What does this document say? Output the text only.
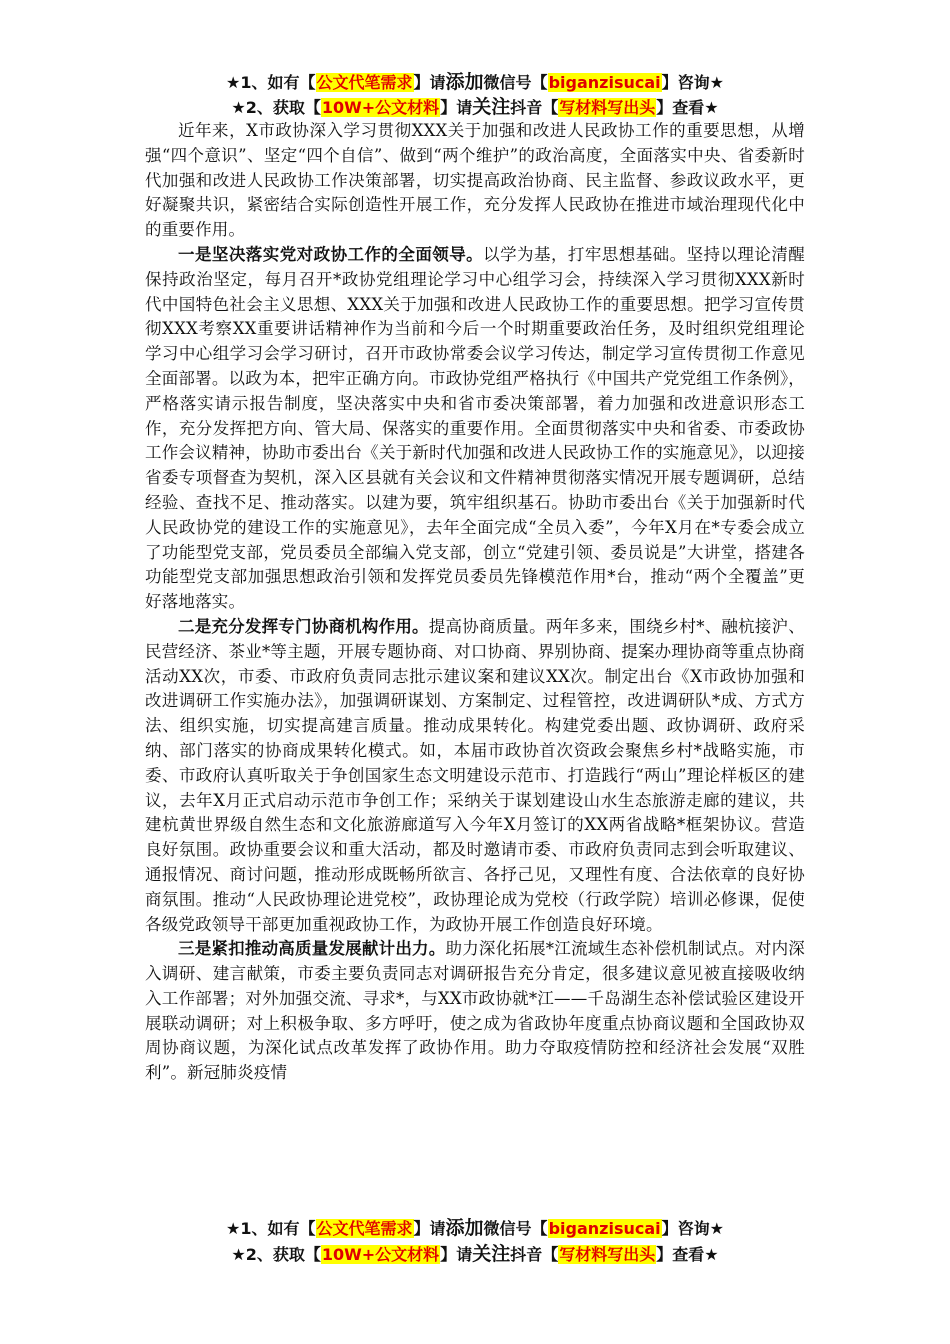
★1、如有【公文代笔需求】请添加微信号【biganzisucai】咨询★
★2、获取【10W+公文材料】请关注抖音【写材料写出头】查看★

近年来，X市政协深入学习贯彻XXX关于加强和改进人民政协工作的重要思想，从增强“四个意识”、坚定“四个自信”、做到“两个维护”的政治高度，全面落实中央、省委新时代加强和改进人民政协工作决策部署，切实提高政治协商、民主监督、参政议政水平，更好凝聚共识，紧密结合实际创造性开展工作，充分发挥人民政协在推进市域治理现代化中的重要作用。

一是坚决落实党对政协工作的全面领导。以学为基，打牢思想基础。坚持以理论清醒保持政治坚定，每月召开*政协党组理论学习中心组学习会，持续深入学习贯彻XXX新时代中国特色社会主义思想、XXX关于加强和改进人民政协工作的重要思想。把学习宣传贯彻XXX考察XX重要讲话精神作为当前和今后一个时期重要政治任务，及时组织党组理论学习中心组学习会学习研讨，召开市政协常委会议学习传达，制定学习宣传贯彻工作意见全面部署。以政为本，把牢正确方向。市政协党组严格执行《中国共产党党组工作条例》，严格落实请示报告制度，坚决落实中央和省市委决策部署，着力加强和改进意识形态工作，充分发挥把方向、管大局、保落实的重要作用。全面贯彻落实中央和省委、市委政协工作会议精神，协助市委出台《关于新时代加强和改进人民政协工作的实施意见》，以迎接省委专项督查为契机，深入区县就有关会议和文件精神贯彻落实情况开展专题调研，总结经验、查找不足、推动落实。以建为要，筑牢组织基石。协助市委出台《关于加强新时代人民政协党的建设工作的实施意见》，去年全面完成“全员入委”，今年X月在*专委会成立了功能型党支部，党员委员全部编入党支部，创立“党建引领、委员说是”大讲堂，搭建各功能型党支部加强思想政治引领和发挥党员委员先锋模范作用*台，推动“两个全覆盖”更好落地落实。

二是充分发挥专门协商机构作用。提高协商质量。两年多来，围绕乡村*、融杭接沪、民营经济、茶业*等主题，开展专题协商、对口协商、界别协商、提案办理协商等重点协商活动XX次，市委、市政府负责同志批示建议案和建议XX次。制定出台《X市政协加强和改进调研工作实施办法》，加强调研谋划、方案制定、过程管控，改进调研队*成、方式方法、组织实施，切实提高建言质量。推动成果转化。构建党委出题、政协调研、政府采纳、部门落实的协商成果转化模式。如，本届市政协首次资政会聚焦乡村*战略实施，市委、市政府认真听取关于争创国家生态文明建设示范市、打造践行“两山”理论样板区的建议，去年X月正式启动示范市争创工作；采纳关于谋划建设山水生态旅游走廊的建议，共建杭黄世界级自然生态和文化旅游廊道写入今年X月签订的XX两省战略*框架协议。营造良好氛围。政协重要会议和重大活动，都及时邀请市委、市政府负责同志到会听取建议、通报情况、商讨问题，推动形成既畅所欲言、各抒己见，又理性有度、合法依章的良好协商氛围。推动“人民政协理论进党校”，政协理论成为党校（行政学院）培训必修课，促使各级党政领导干部更加重视政协工作，为政协开展工作创造良好环境。

三是紧扣推动高质量发展献计出力。助力深化拓展*江流域生态补偿机制试点。对内深入调研、建言献策，市委主要负责同志对调研报告充分肯定，很多建议意见被直接吸收纳入工作部署；对外加强交流、寻求*，与XX市政协就*江——千岛湖生态补偿试验区建设开展联动调研；对上积极争取、多方呼吁，使之成为省政协年度重点协商议题和全国政协双周协商议题，为深化试点改革发挥了政协作用。助力夺取疫情防控和经济社会发展“双胜利”。新冠肺炎疫情

★1、如有【公文代笔需求】请添加微信号【biganzisucai】咨询★
★2、获取【10W+公文材料】请关注抖音【写材料写出头】查看★
